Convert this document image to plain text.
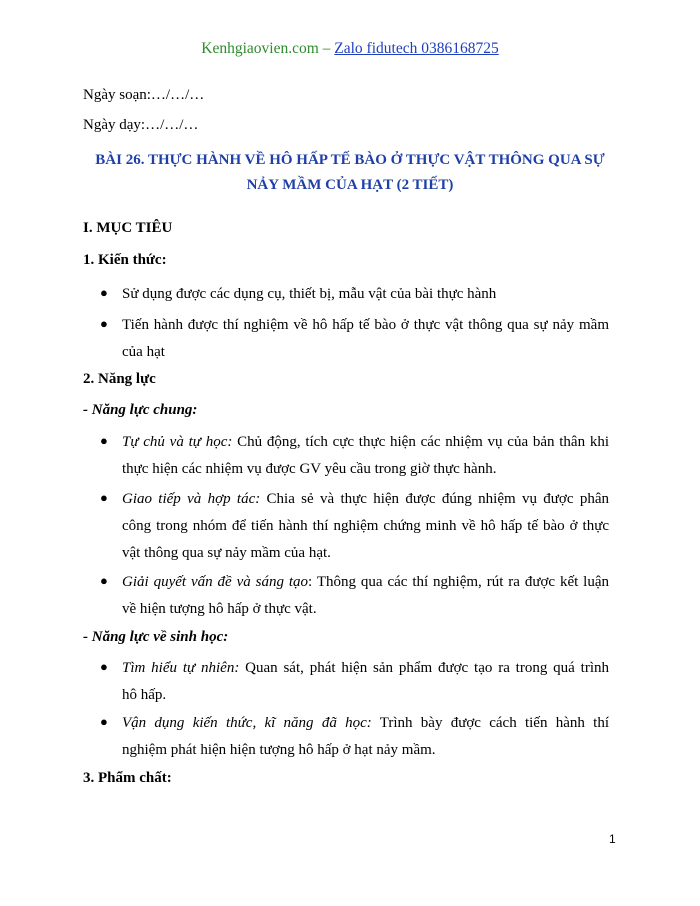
Kenhgiaovien.com – Zalo fidutech 0386168725
Ngày soạn:…/…/…
Ngày dạy:…/…/…
BÀI 26. THỰC HÀNH VỀ HÔ HẤP TẾ BÀO Ở THỰC VẬT THÔNG QUA SỰ
NẢY MẦM CỦA HẠT (2 TIẾT)
I. MỤC TIÊU
1. Kiến thức:
● Sử dụng được các dụng cụ, thiết bị, mẫu vật của bài thực hành
● Tiến hành được thí nghiệm về hô hấp tế bào ở thực vật thông qua sự nảy mầm
của hạt
2. Năng lực
- Năng lực chung:
● Tự chủ và tự học: Chủ động, tích cực thực hiện các nhiệm vụ của bản thân khi
thực hiện các nhiệm vụ được GV yêu cầu trong giờ thực hành.
● Giao tiếp và hợp tác: Chia sẻ và thực hiện được đúng nhiệm vụ được phân
công trong nhóm để tiến hành thí nghiệm chứng minh về hô hấp tế bào ở thực
vật thông qua sự nảy mầm của hạt.
● Giải quyết vấn đề và sáng tạo: Thông qua các thí nghiệm, rút ra được kết luận
về hiện tượng hô hấp ở thực vật.
- Năng lực về sinh học:
● Tìm hiểu tự nhiên: Quan sát, phát hiện sản phẩm được tạo ra trong quá trình
hô hấp.
● Vận dụng kiến thức, kĩ năng đã học: Trình bày được cách tiến hành thí
nghiệm phát hiện hiện tượng hô hấp ở hạt nảy mầm.
3. Phẩm chất:
1
